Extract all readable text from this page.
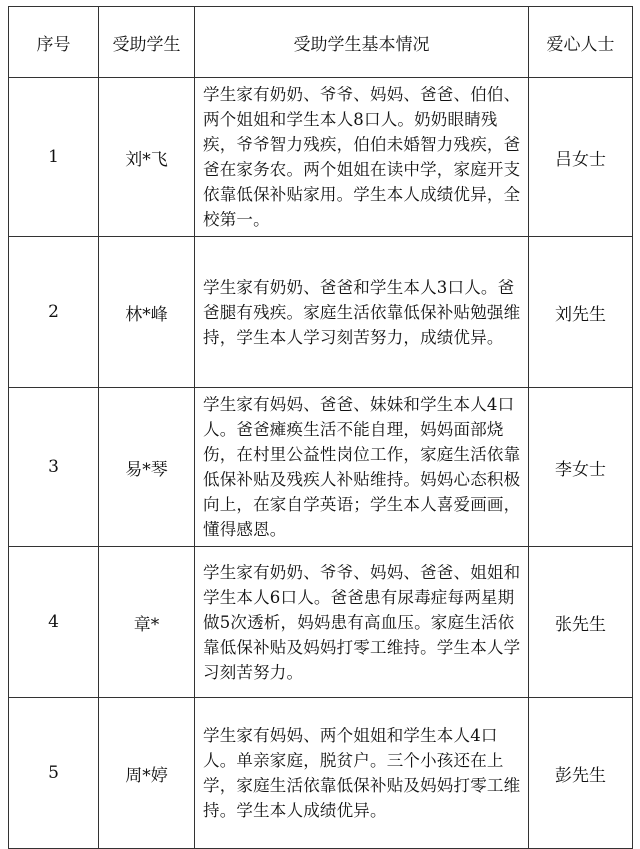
序号	受助学生	受助学生基本情况	爱心人士
1	刘*飞	学生家有奶奶、爷爷、妈妈、爸爸、伯伯、两个姐姐和学生本人8口人。奶奶眼睛残疾，爷爷智力残疾，伯伯未婚智力残疾，爸爸在家务农。两个姐姐在读中学，家庭开支依靠低保补贴家用。学生本人成绩优异，全校第一。	吕女士
2	林*峰	学生家有奶奶、爸爸和学生本人3口人。爸爸腿有残疾。家庭生活依靠低保补贴勉强维持，学生本人学习刻苦努力，成绩优异。	刘先生
3	易*琴	学生家有妈妈、爸爸、妹妹和学生本人4口人。爸爸瘫痪生活不能自理，妈妈面部烧伤，在村里公益性岗位工作，家庭生活依靠低保补贴及残疾人补贴维持。妈妈心态积极向上，在家自学英语；学生本人喜爱画画，懂得感恩。	李女士
4	章*	学生家有奶奶、爷爷、妈妈、爸爸、姐姐和学生本人6口人。爸爸患有尿毒症每两星期做5次透析，妈妈患有高血压。家庭生活依靠低保补贴及妈妈打零工维持。学生本人学习刻苦努力。	张先生
5	周*婷	学生家有妈妈、两个姐姐和学生本人4口人。单亲家庭，脱贫户。三个小孩还在上学，家庭生活依靠低保补贴及妈妈打零工维持。学生本人成绩优异。	彭先生
